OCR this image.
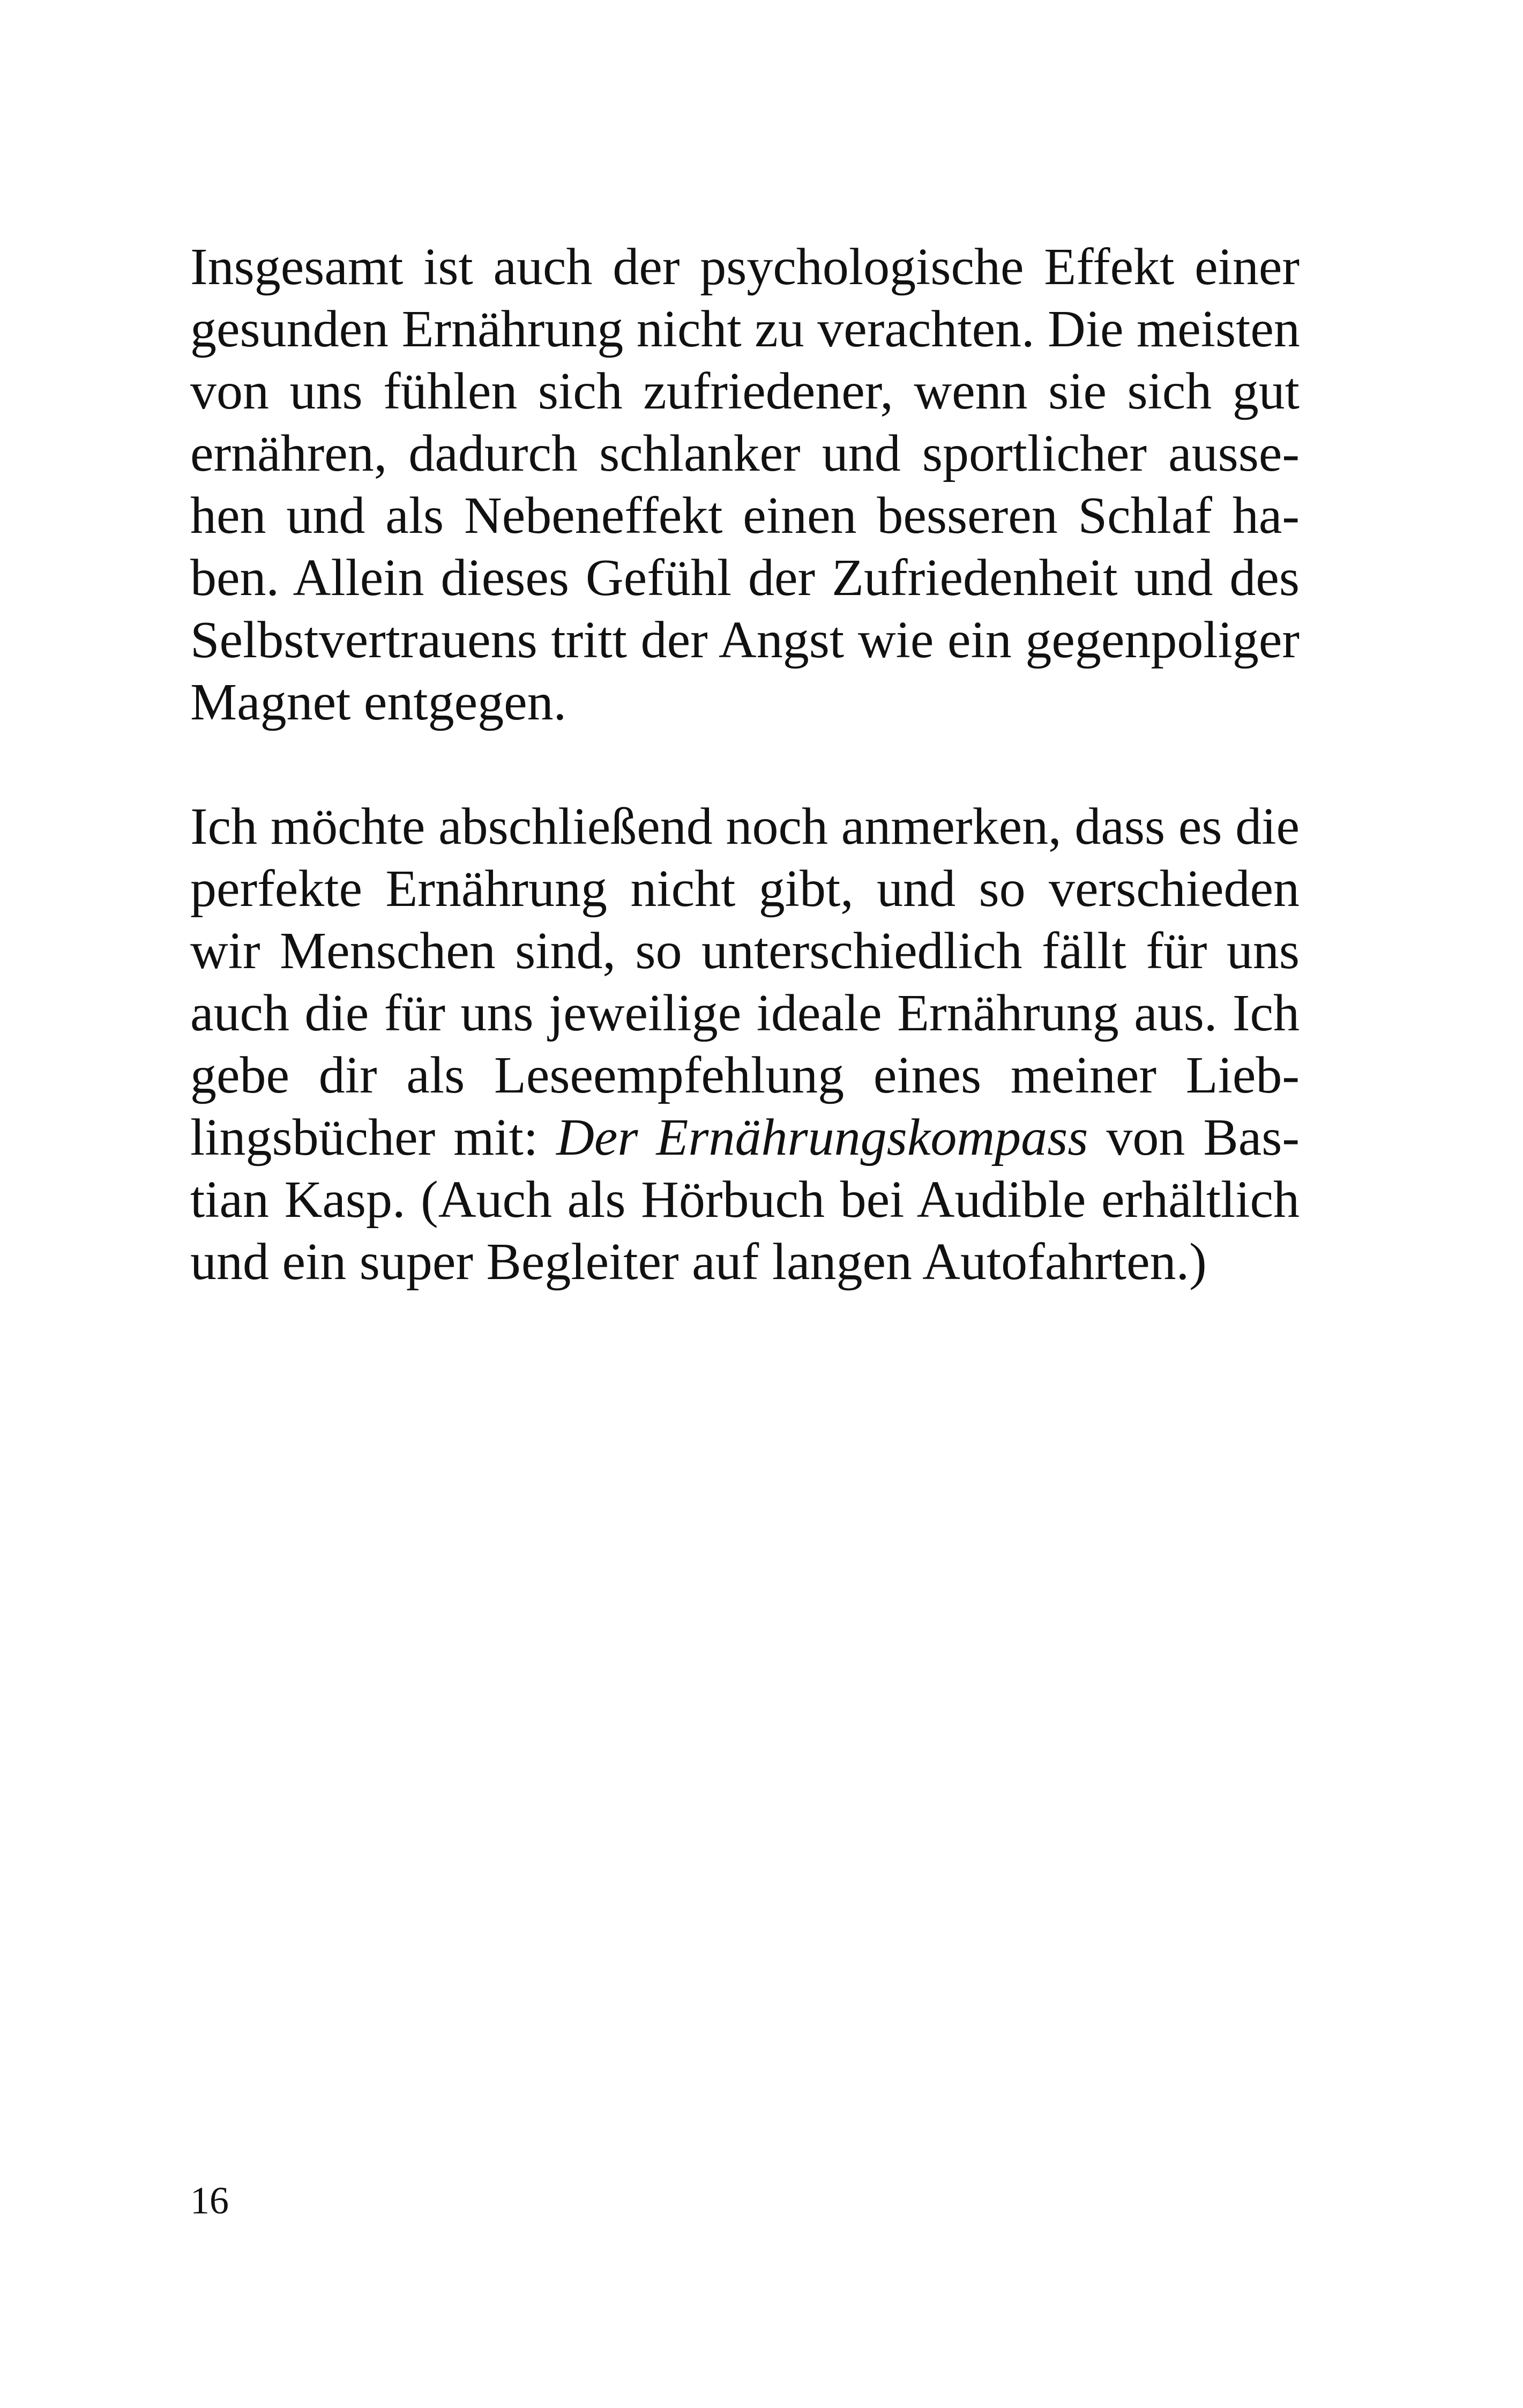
Insgesamt ist auch der psychologische Effekt einer
gesunden Ernährung nicht zu verachten. Die meisten
von uns fühlen sich zufriedener, wenn sie sich gut
ernähren, dadurch schlanker und sportlicher ausse-
hen und als Nebeneffekt einen besseren Schlaf ha-
ben. Allein dieses Gefühl der Zufriedenheit und des
Selbstvertrauens tritt der Angst wie ein gegenpoliger
Magnet entgegen.

Ich möchte abschließend noch anmerken, dass es die
perfekte Ernährung nicht gibt, und so verschieden
wir Menschen sind, so unterschiedlich fällt für uns
auch die für uns jeweilige ideale Ernährung aus. Ich
gebe dir als Leseempfehlung eines meiner Lieb-
lingsbücher mit: Der Ernährungskompass von Bas-
tian Kasp. (Auch als Hörbuch bei Audible erhältlich
und ein super Begleiter auf langen Autofahrten.)

16
